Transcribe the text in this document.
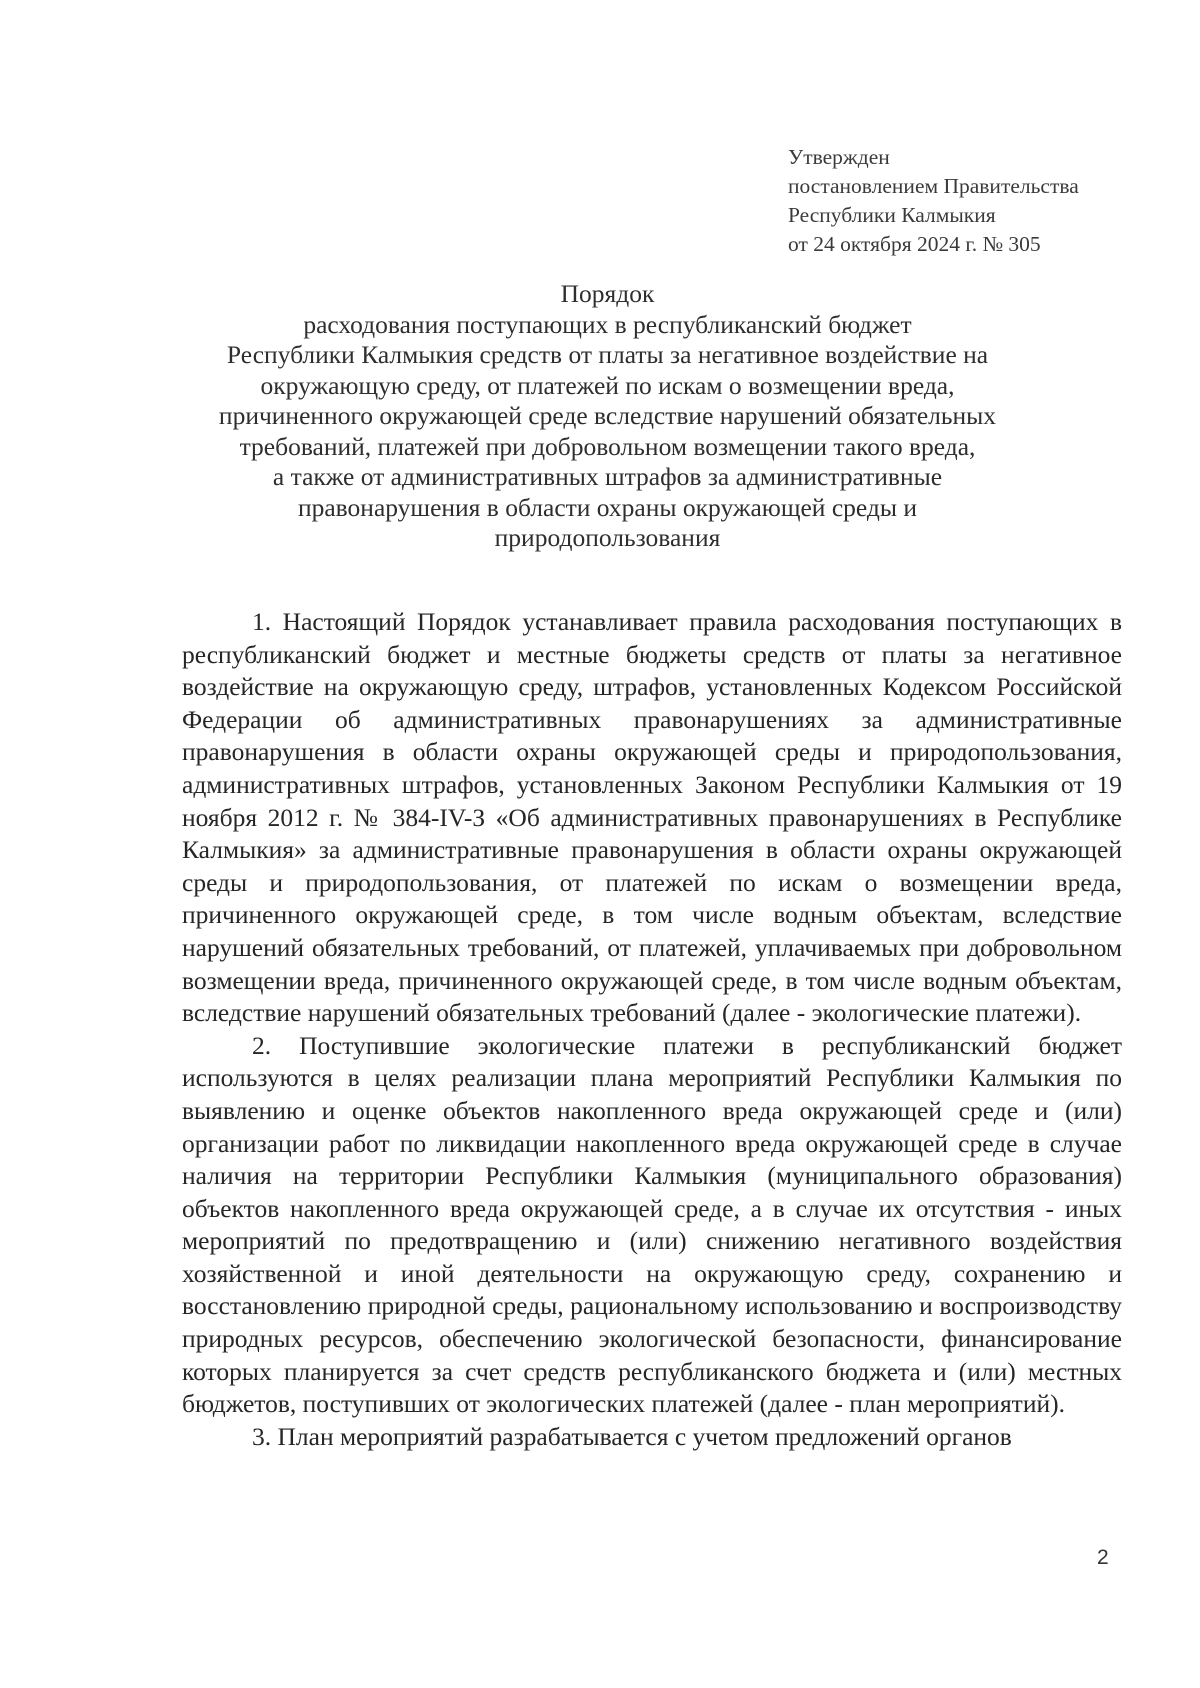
Утвержден
постановлением Правительства
Республики Калмыкия
от 24 октября 2024 г. № 305
Порядок
расходования поступающих в республиканский бюджет
Республики Калмыкия средств от платы за негативное воздействие на
окружающую среду, от платежей по искам о возмещении вреда,
причиненного окружающей среде вследствие нарушений обязательных
требований, платежей при добровольном возмещении такого вреда,
а также от административных штрафов за административные
правонарушения в области охраны окружающей среды и
природопользования

1. Настоящий Порядок устанавливает правила расходования поступающих в республиканский бюджет и местные бюджеты средств от платы за негативное воздействие на окружающую среду, штрафов, установленных Кодексом Российской Федерации об административных правонарушениях за административные правонарушения в области охраны окружающей среды и природопользования, административных штрафов, установленных Законом Республики Калмыкия от 19 ноября 2012 г. № 384-IV-З «Об административных правонарушениях в Республике Калмыкия» за административные правонарушения в области охраны окружающей среды и природопользования, от платежей по искам о возмещении вреда, причиненного окружающей среде, в том числе водным объектам, вследствие нарушений обязательных требований, от платежей, уплачиваемых при добровольном возмещении вреда, причиненного окружающей среде, в том числе водным объектам, вследствие нарушений обязательных требований (далее - экологические платежи).

2. Поступившие экологические платежи в республиканский бюджет используются в целях реализации плана мероприятий Республики Калмыкия по выявлению и оценке объектов накопленного вреда окружающей среде и (или) организации работ по ликвидации накопленного вреда окружающей среде в случае наличия на территории Республики Калмыкия (муниципального образования) объектов накопленного вреда окружающей среде, а в случае их отсутствия - иных мероприятий по предотвращению и (или) снижению негативного воздействия хозяйственной и иной деятельности на окружающую среду, сохранению и восстановлению природной среды, рациональному использованию и воспроизводству природных ресурсов, обеспечению экологической безопасности, финансирование которых планируется за счет средств республиканского бюджета и (или) местных бюджетов, поступивших от экологических платежей (далее - план мероприятий).

3. План мероприятий разрабатывается с учетом предложений органов

2
